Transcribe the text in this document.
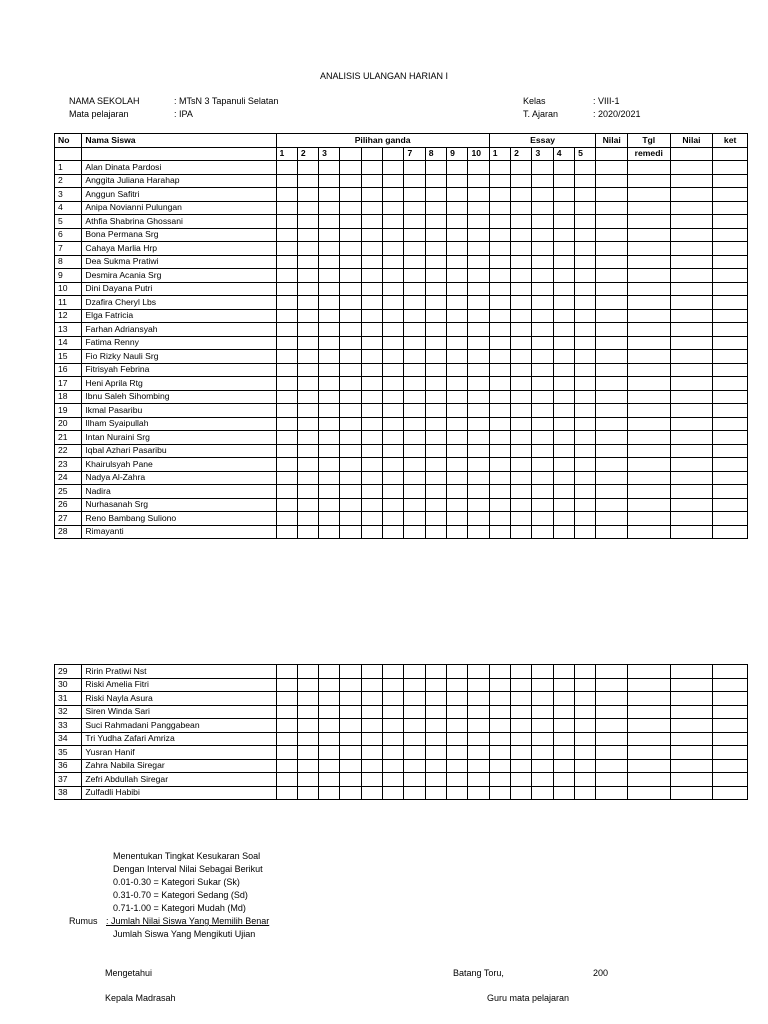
ANALISIS ULANGAN HARIAN I
NAMA SEKOLAH	: MTsN 3 Tapanuli Selatan
Mata pelajaran	: IPA
Kelas	: VIII-1
T. Ajaran	: 2020/2021
No	Nama Siswa	Pilihan ganda										Essay					Nilai	Tgl	Nilai	ket
		1	2	3				7	8	9	10	1	2	3	4	5		remedi		
1	Alan Dinata Pardosi																			
2	Anggita Juliana Harahap																			
3	Anggun Safitri																			
4	Anipa Novianni Pulungan																			
5	Athfia Shabrina Ghossani																			
6	Bona Permana Srg																			
7	Cahaya Marlia Hrp																			
8	Dea Sukma Pratiwi																			
9	Desmira Acania Srg																			
10	Dini Dayana Putri																			
11	Dzafira Cheryl Lbs																			
12	Elga Fatricia																			
13	Farhan Adriansyah																			
14	Fatima Renny																			
15	Fio Rizky Nauli Srg																			
16	Fitrisyah Febrina																			
17	Heni Aprila Rtg																			
18	Ibnu Saleh Sihombing																			
19	Ikmal Pasaribu																			
20	Ilham Syaipullah																			
21	Intan Nuraini Srg																			
22	Iqbal Azhari Pasaribu																			
23	Khairulsyah Pane																			
24	Nadya Al-Zahra																			
25	Nadira																			
26	Nurhasanah Srg																			
27	Reno Bambang Suliono																			
28	Rimayanti																			
29	Ririn Pratiwi Nst																			
30	Riski Amelia Fitri																			
31	Riski Nayla Asura																			
32	Siren Winda Sari																			
33	Suci Rahmadani Panggabean																			
34	Tri Yudha Zafari Amriza																			
35	Yusran Hanif																			
36	Zahra Nabila Siregar																			
37	Zefri Abdullah Siregar																			
38	Zulfadli Habibi																			
Menentukan Tingkat Kesukaran Soal
Dengan Interval Nilai Sebagai Berikut
0.01-0.30 = Kategori Sukar (Sk)
0.31-0.70 = Kategori Sedang (Sd)
0.71-1.00 = Kategori Mudah (Md)
Rumus : Jumlah Nilai Siswa Yang Memilih Benar
Jumlah Siswa Yang Mengikuti Ujian
Mengetahui	Batang Toru,	200
Kepala Madrasah	Guru mata pelajaran
